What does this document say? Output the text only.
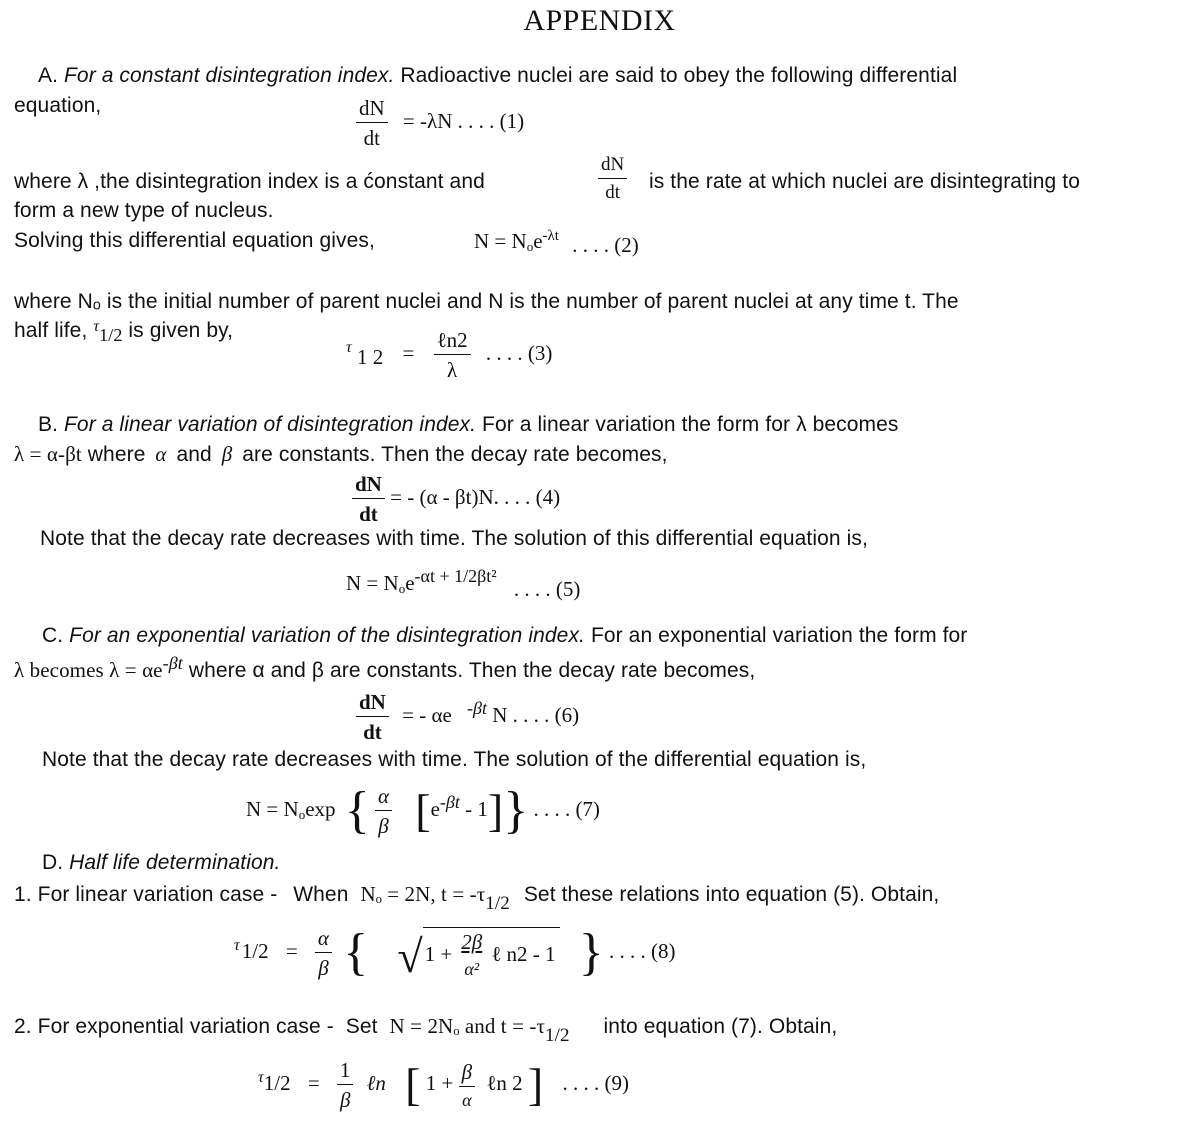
APPENDIX
A. For a constant disintegration index. Radioactive nuclei are said to obey the following differential
equation,	$\frac{dN}{dt} = -\lambda N$ . . . . (1)
where λ ,the disintegration index is a ćonstant and	$\frac{dN}{dt}$ is the rate at which nuclei are disintegrating to
form a new type of nucleus.
Solving this differential equation gives,	$N = N_oe^{-\lambda t}$ . . . . (2)
where Nₒ is the initial number of parent nuclei and N is the number of parent nuclei at any time t. The
half life, $^\tau$1/2 is given by,
$^\tau$ 1 $2 = \frac{\text{ℓn2}}{\lambda}$ . . . . (3)
B. For a linear variation of disintegration index. For a linear variation the form for λ becomes
λ = α-βt where α and β are constants. Then the decay rate becomes,
$\frac{dN}{dt}$ = - (α - βt)N. . . . (4)
Note that the decay rate decreases with time. The solution of this differential equation is,
$N = N_oe^{-\alpha t + 1/2\beta t^2}$ . . . . (5)
C. For an exponential variation of the disintegration index. For an exponential variation the form for
λ becomes $\lambda = \alpha e^{-\beta t}$ where α and β are constants. Then the decay rate becomes,
$\frac{dN}{dt}$ = - αe $^{-\beta t}$ N . . . . (6)
Note that the decay rate decreases with time. The solution of the differential equation is,
$N = N_o\exp$ { $\frac{\alpha}{\beta} [e^{-\beta t} - 1]$} . . . . (7)
D. Half life determination.
1. For linear variation case - When Nₒ = 2N, t = -τ1/2 Set these relations into equation (5). Obtain,
$^\tau 1/2 = \frac{\alpha}{\beta}$ { √ $1 + \frac{2\beta}{\text{α²}}$ ℓ n2 - 1 } . . . . (8)
2. For exponential variation case - Set N = 2Nₒ and t = -τ1/2 into equation (7). Obtain,
$^\tau 1/2 = \frac{1}{\beta}$ ℓn [ $1 + \frac{\beta}{\alpha}$ ℓn 2 ] . . . . (9)
